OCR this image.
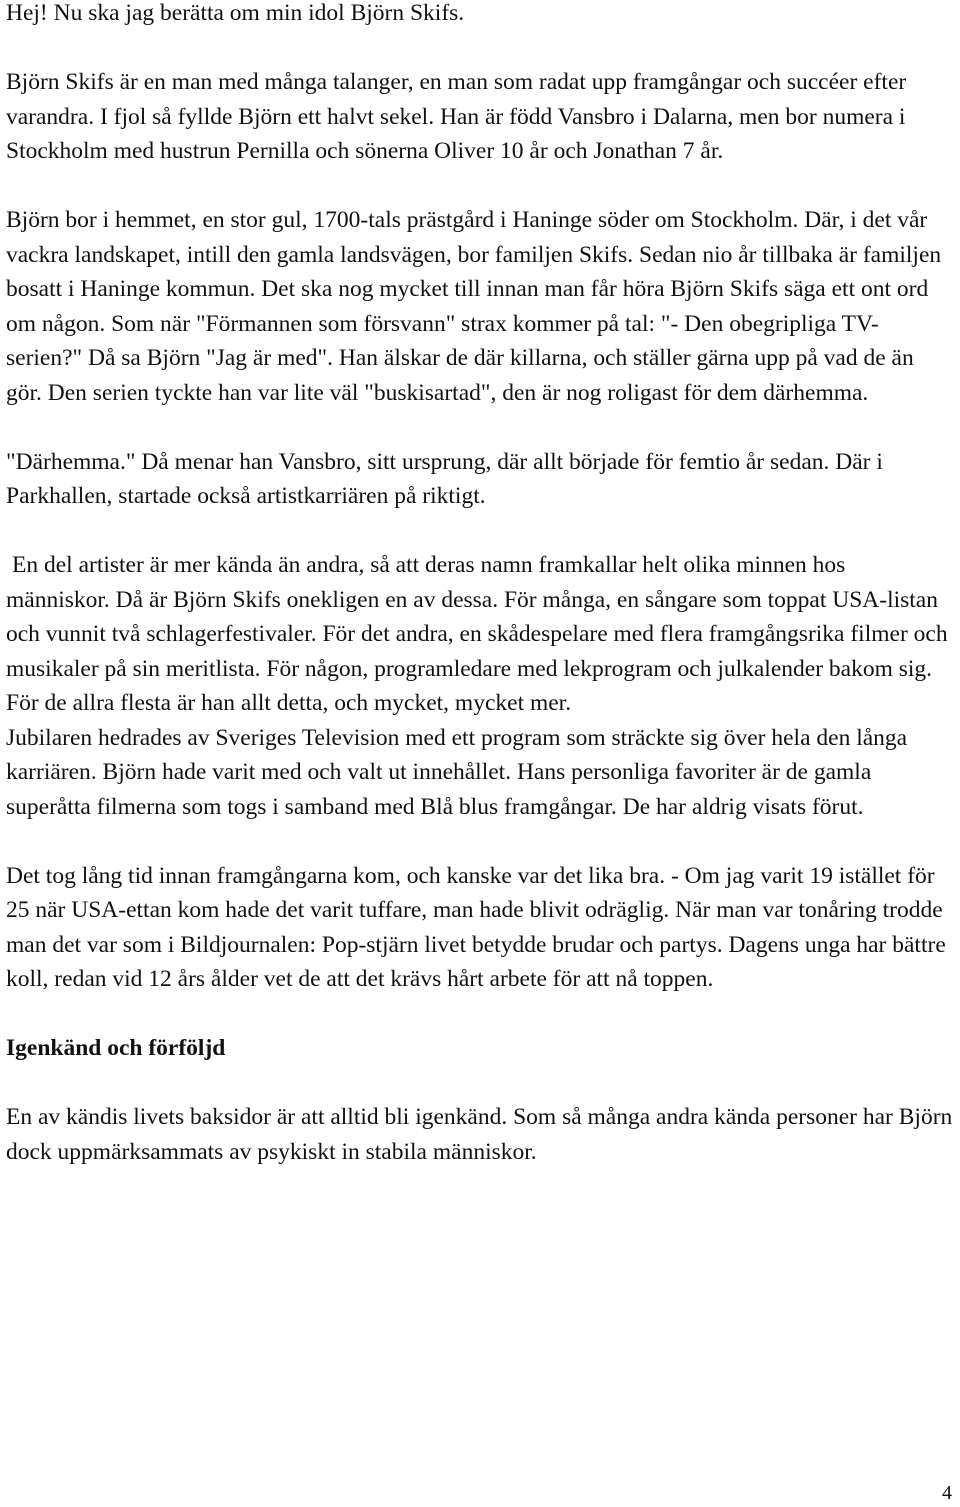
Hej! Nu ska jag berätta om min idol Björn Skifs.

Björn Skifs är en man med många talanger, en man som radat upp framgångar och succéer efter varandra. I fjol så fyllde Björn ett halvt sekel. Han är född Vansbro i Dalarna, men bor numera i Stockholm med hustrun Pernilla och sönerna Oliver 10 år och Jonathan 7 år.

Björn bor i hemmet, en stor gul, 1700-tals prästgård i Haninge söder om Stockholm. Där, i det vår vackra landskapet, intill den gamla landsvägen, bor familjen Skifs. Sedan nio år tillbaka är familjen bosatt i Haninge kommun. Det ska nog mycket till innan man får höra Björn Skifs säga ett ont ord om någon. Som när "Förmannen som försvann" strax kommer på tal: "- Den obegripliga TV-serien?" Då sa Björn "Jag är med". Han älskar de där killarna, och ställer gärna upp på vad de än gör. Den serien tyckte han var lite väl "buskisartad", den är nog roligast för dem därhemma.

"Därhemma." Då menar han Vansbro, sitt ursprung, där allt började för femtio år sedan. Där i Parkhallen, startade också artistkarriären på riktigt.

En del artister är mer kända än andra, så att deras namn framkallar helt olika minnen hos människor. Då är Björn Skifs onekligen en av dessa. För många, en sångare som toppat USA-listan och vunnit två schlagerfestivaler. För det andra, en skådespelare med flera framgångsrika filmer och musikaler på sin meritlista. För någon, programledare med lekprogram och julkalender bakom sig. För de allra flesta är han allt detta, och mycket, mycket mer.

Jubilaren hedrades av Sveriges Television med ett program som sträckte sig över hela den långa karriären. Björn hade varit med och valt ut innehållet. Hans personliga favoriter är de gamla superåtta filmerna som togs i samband med Blå blus framgångar. De har aldrig visats förut.

Det tog lång tid innan framgångarna kom, och kanske var det lika bra. - Om jag varit 19 istället för 25 när USA-ettan kom hade det varit tuffare, man hade blivit odräglig. När man var tonåring trodde man det var som i Bildjournalen: Pop-stjärn livet betydde brudar och partys. Dagens unga har bättre koll, redan vid 12 års ålder vet de att det krävs hårt arbete för att nå toppen.

Igenkänd och förföljd

En av kändis livets baksidor är att alltid bli igenkänd. Som så många andra kända personer har Björn dock uppmärksammats av psykiskt in stabila människor.

4
